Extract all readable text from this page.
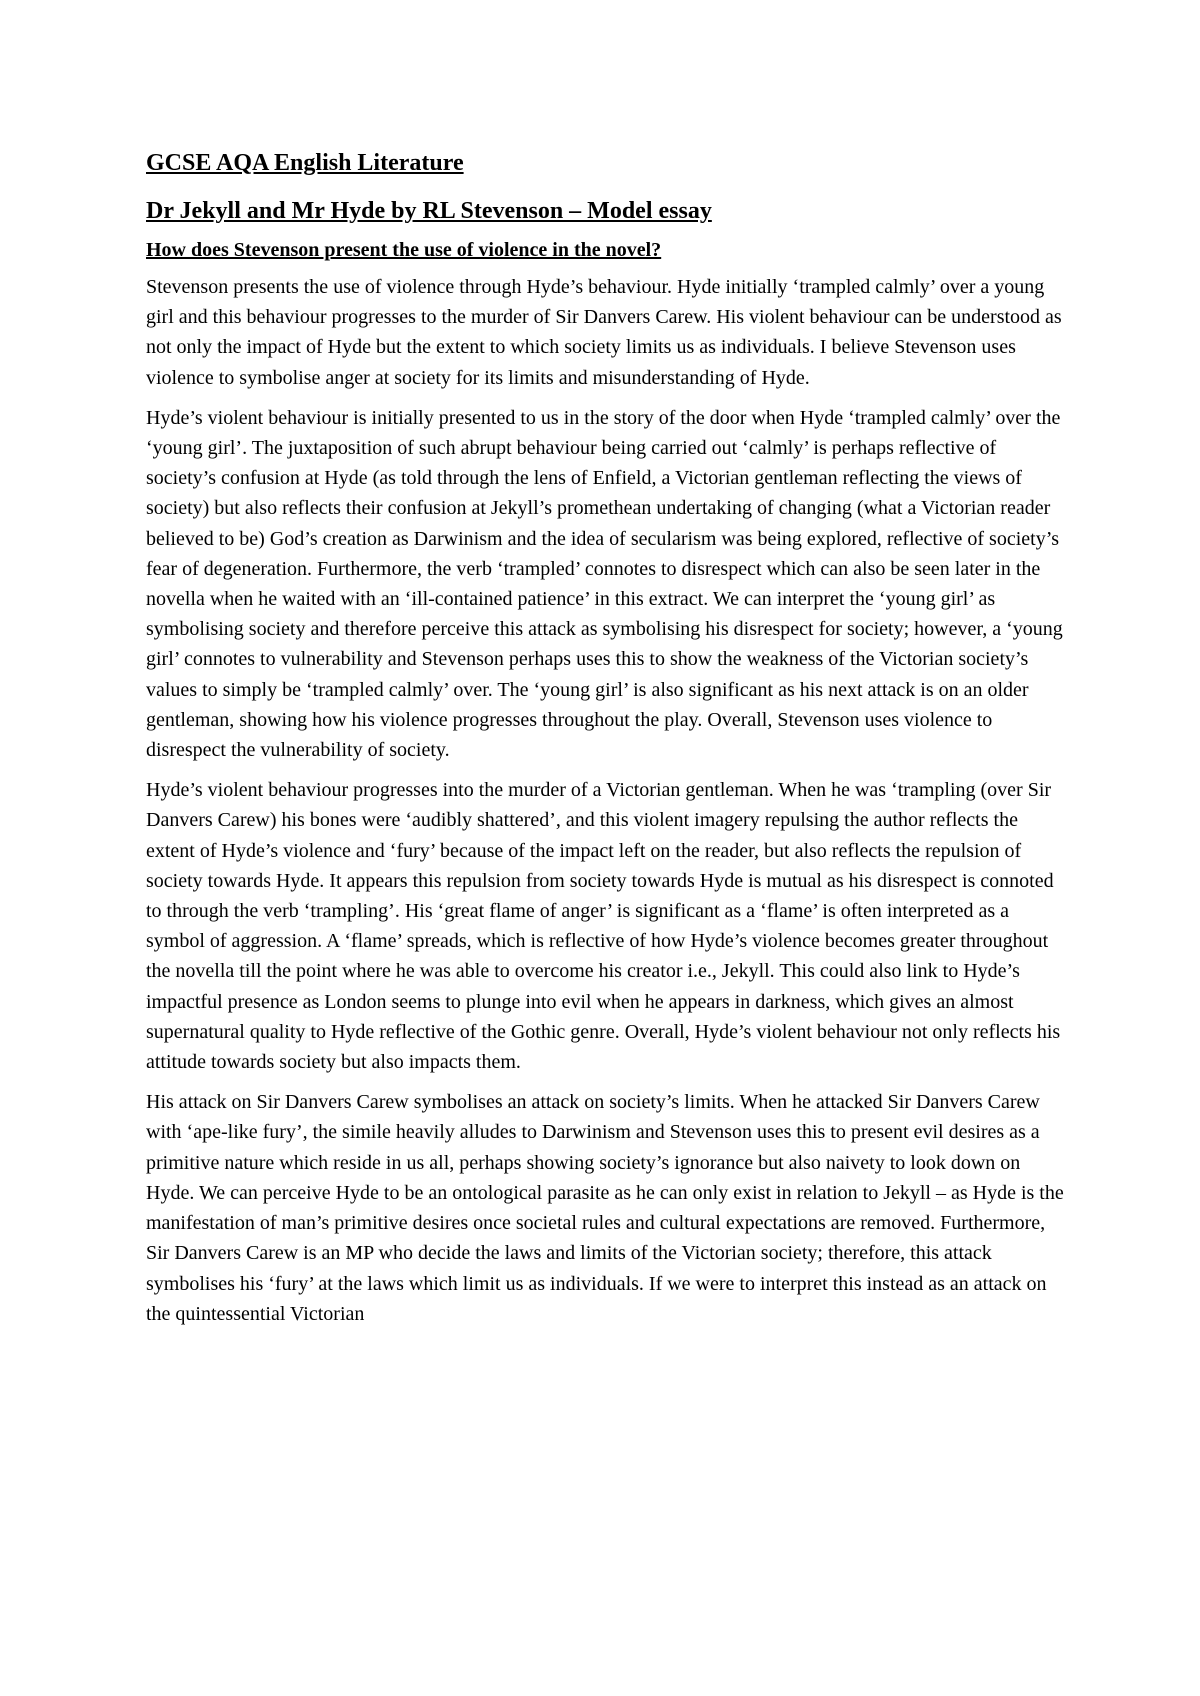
GCSE AQA English Literature
Dr Jekyll and Mr Hyde by RL Stevenson – Model essay
How does Stevenson present the use of violence in the novel?

Stevenson presents the use of violence through Hyde’s behaviour. Hyde initially ‘trampled calmly’ over a young girl and this behaviour progresses to the murder of Sir Danvers Carew. His violent behaviour can be understood as not only the impact of Hyde but the extent to which society limits us as individuals. I believe Stevenson uses violence to symbolise anger at society for its limits and misunderstanding of Hyde.

Hyde’s violent behaviour is initially presented to us in the story of the door when Hyde ‘trampled calmly’ over the ‘young girl’. The juxtaposition of such abrupt behaviour being carried out ‘calmly’ is perhaps reflective of society’s confusion at Hyde (as told through the lens of Enfield, a Victorian gentleman reflecting the views of society) but also reflects their confusion at Jekyll’s promethean undertaking of changing (what a Victorian reader believed to be) God’s creation as Darwinism and the idea of secularism was being explored, reflective of society’s fear of degeneration. Furthermore, the verb ‘trampled’ connotes to disrespect which can also be seen later in the novella when he waited with an ‘ill-contained patience’ in this extract. We can interpret the ‘young girl’ as symbolising society and therefore perceive this attack as symbolising his disrespect for society; however, a ‘young girl’ connotes to vulnerability and Stevenson perhaps uses this to show the weakness of the Victorian society’s values to simply be ‘trampled calmly’ over. The ‘young girl’ is also significant as his next attack is on an older gentleman, showing how his violence progresses throughout the play. Overall, Stevenson uses violence to disrespect the vulnerability of society.

Hyde’s violent behaviour progresses into the murder of a Victorian gentleman. When he was ‘trampling (over Sir Danvers Carew) his bones were ‘audibly shattered’, and this violent imagery repulsing the author reflects the extent of Hyde’s violence and ‘fury’ because of the impact left on the reader, but also reflects the repulsion of society towards Hyde. It appears this repulsion from society towards Hyde is mutual as his disrespect is connoted to through the verb ‘trampling’. His ‘great flame of anger’ is significant as a ‘flame’ is often interpreted as a symbol of aggression. A ‘flame’ spreads, which is reflective of how Hyde’s violence becomes greater throughout the novella till the point where he was able to overcome his creator i.e., Jekyll. This could also link to Hyde’s impactful presence as London seems to plunge into evil when he appears in darkness, which gives an almost supernatural quality to Hyde reflective of the Gothic genre. Overall, Hyde’s violent behaviour not only reflects his attitude towards society but also impacts them.

His attack on Sir Danvers Carew symbolises an attack on society’s limits. When he attacked Sir Danvers Carew with ‘ape-like fury’, the simile heavily alludes to Darwinism and Stevenson uses this to present evil desires as a primitive nature which reside in us all, perhaps showing society’s ignorance but also naivety to look down on Hyde. We can perceive Hyde to be an ontological parasite as he can only exist in relation to Jekyll – as Hyde is the manifestation of man’s primitive desires once societal rules and cultural expectations are removed. Furthermore, Sir Danvers Carew is an MP who decide the laws and limits of the Victorian society; therefore, this attack symbolises his ‘fury’ at the laws which limit us as individuals. If we were to interpret this instead as an attack on the quintessential Victorian
